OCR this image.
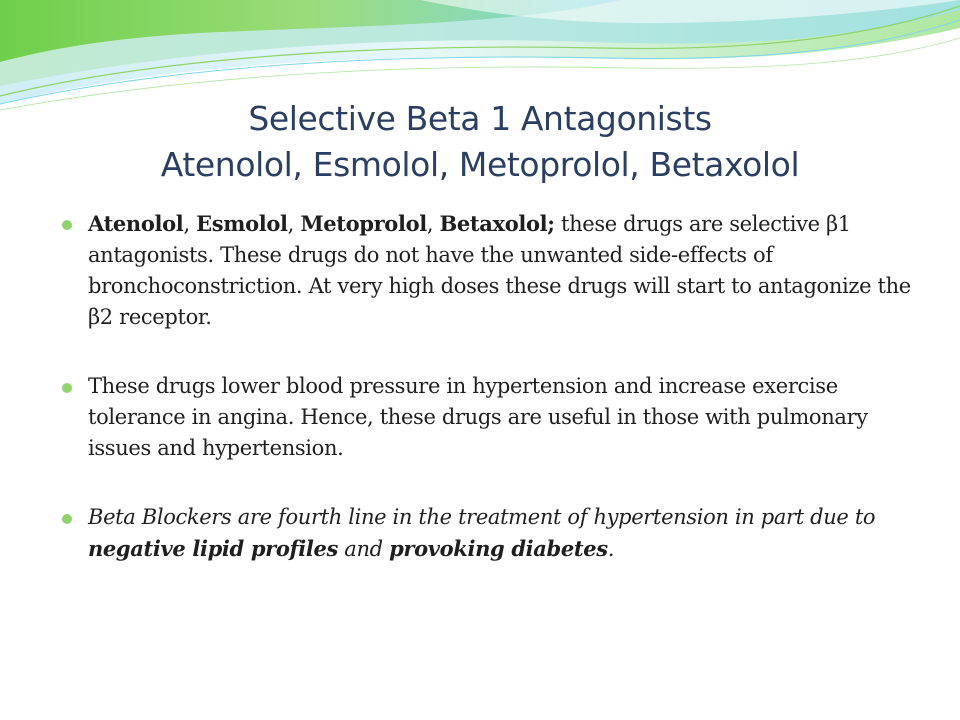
Selective Beta 1 Antagonists
Atenolol, Esmolol, Metoprolol, Betaxolol
Atenolol, Esmolol, Metoprolol, Betaxolol; these drugs are selective β1 antagonists. These drugs do not have the unwanted side-effects of bronchoconstriction. At very high doses these drugs will start to antagonize the β2 receptor.
These drugs lower blood pressure in hypertension and increase exercise tolerance in angina. Hence, these drugs are useful in those with pulmonary issues and hypertension.
Beta Blockers are fourth line in the treatment of hypertension in part due to negative lipid profiles and provoking diabetes.
